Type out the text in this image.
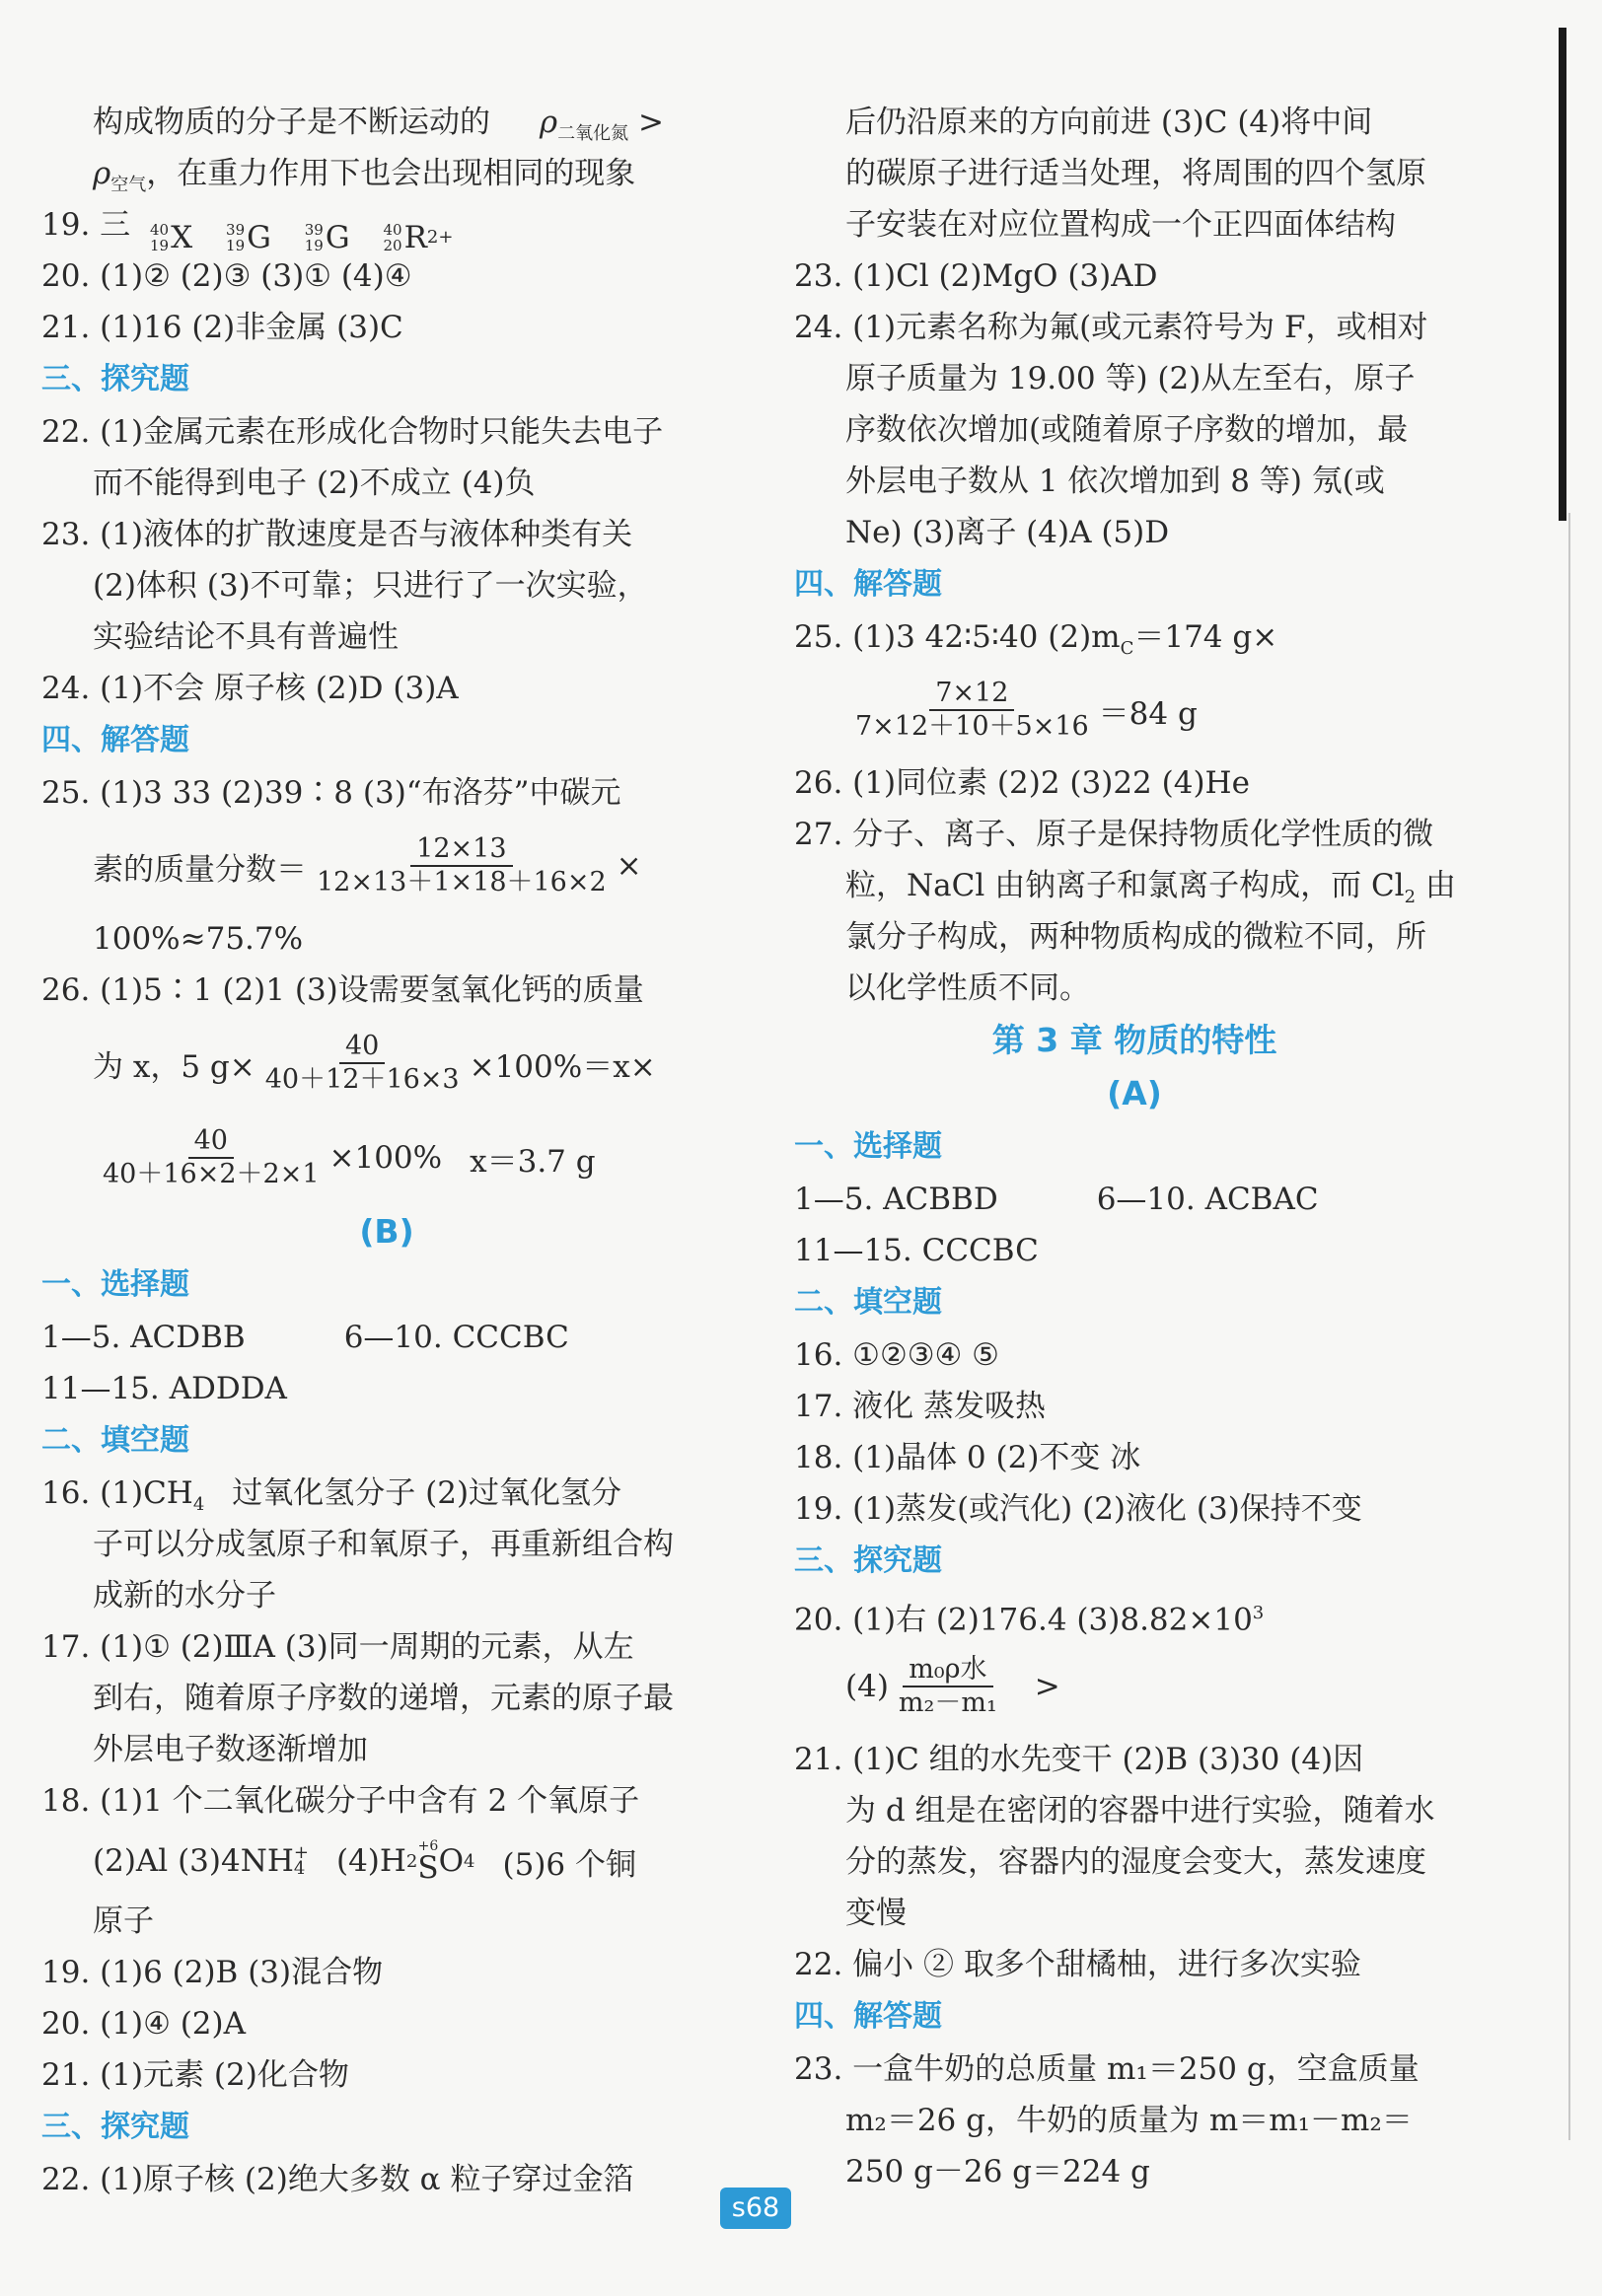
构成物质的分子是不断运动的 $\rho_{二氧化氮}$ >
$\rho_{空气}$，在重力作用下也会出现相同的现象
19. 三 40
19 X
39
19 G
39
19 G
40
20 R 2+
20. (1)② (2)③ (3)① (4)④
21. (1)16 (2)非金属 (3)C
三、探究题
22. (1)金属元素在形成化合物时只能失去电子
而不能得到电子 (2)不成立 (4)负
23. (1)液体的扩散速度是否与液体种类有关
(2)体积 (3)不可靠；只进行了一次实验，
实验结论不具有普遍性
24. (1)不会 原子核 (2)D (3)A
四、解答题
25. (1)3 33 (2)39∶8 (3)“布洛芬”中碳元
素的质量分数＝ $\frac{12\times 13}{12\times 13+1\times 18+16\times 2}$ ×
100%≈75.7%
26. (1)5∶1 (2)1 (3)设需要氢氧化钙的质量
为 x，5 $g\times \frac{40}{40+12+16\times 3} \times 100\%=x\times$
$\frac{40}{40+16\times 2+2\times 1} \times 100\%$ x＝3.7 g
(B)
一、选择题
1—5. ACDBB	6—10. CCCBC
11—15. ADDDA
二、填空题
16. $(1)CH_4$ 过氧化氢分子 (2)过氧化氢分
子可以分成氢原子和氧原子，再重新组合构
成新的水分子
17. (1)① (2)ⅢA (3)同一周期的元素，从左
到右，随着原子序数的递增，元素的原子最
外层电子数逐渐增加
18. (1)1 个二氧化碳分子中含有 2 个氧原子
(2)Al (3)4NH +
4 (4)H 2
+6
S O 4 (5)6 个铜
原子
19. (1)6 (2)B (3)混合物
20. (1)④ (2)A
21. (1)元素 (2)化合物
三、探究题
22. (1)原子核 (2)绝大多数 α 粒子穿过金箔
后仍沿原来的方向前进 (3)C (4)将中间
的碳原子进行适当处理，将周围的四个氢原
子安装在对应位置构成一个正四面体结构
23. (1)Cl (2)MgO (3)AD
24. (1)元素名称为氟(或元素符号为 F，或相对
原子质量为 19.00 等) (2)从左至右，原子
序数依次增加(或随着原子序数的增加，最
外层电子数从 1 依次增加到 8 等) 氖(或
Ne) (3)离子 (4)A (5)D
四、解答题
25. (1)3 42∶5∶40 $(2)m_C=174$ g×
$\frac{7\times 12}{7\times 12+10+5\times 16} =84$ g
26. (1)同位素 (2)2 (3)22 (4)He
27. 分子、离子、原子是保持物质化学性质的微
粒，NaCl 由钠离子和氯离子构成，而 $Cl_2$ 由
氯分子构成，两种物质构成的微粒不同，所
以化学性质不同。
第 3 章 物质的特性
(A)
一、选择题
1—5. ACBBD	6—10. ACBAC
11—15. CCCBC
二、填空题
16. ①②③④ ⑤
17. 液化 蒸发吸热
18. (1)晶体 0 (2)不变 冰
19. (1)蒸发(或汽化) (2)液化 (3)保持不变
三、探究题
20. (1)右 (2)176.4 $(3)8.82\times 10^3$
$(4) \frac{\text{m₀ρ水}}{\text{m₂－m₁}}$ >
21. (1)C 组的水先变干 (2)B (3)30 (4)因
为 d 组是在密闭的容器中进行实验，随着水
分的蒸发，容器内的湿度会变大，蒸发速度
变慢
22. 偏小 ② 取多个甜橘柚，进行多次实验
四、解答题
23. 一盒牛奶的总质量 m₁＝250 g，空盒质量
m₂＝26 g，牛奶的质量为 m＝m₁－m₂＝
250 g－26 g＝224 g
s68
